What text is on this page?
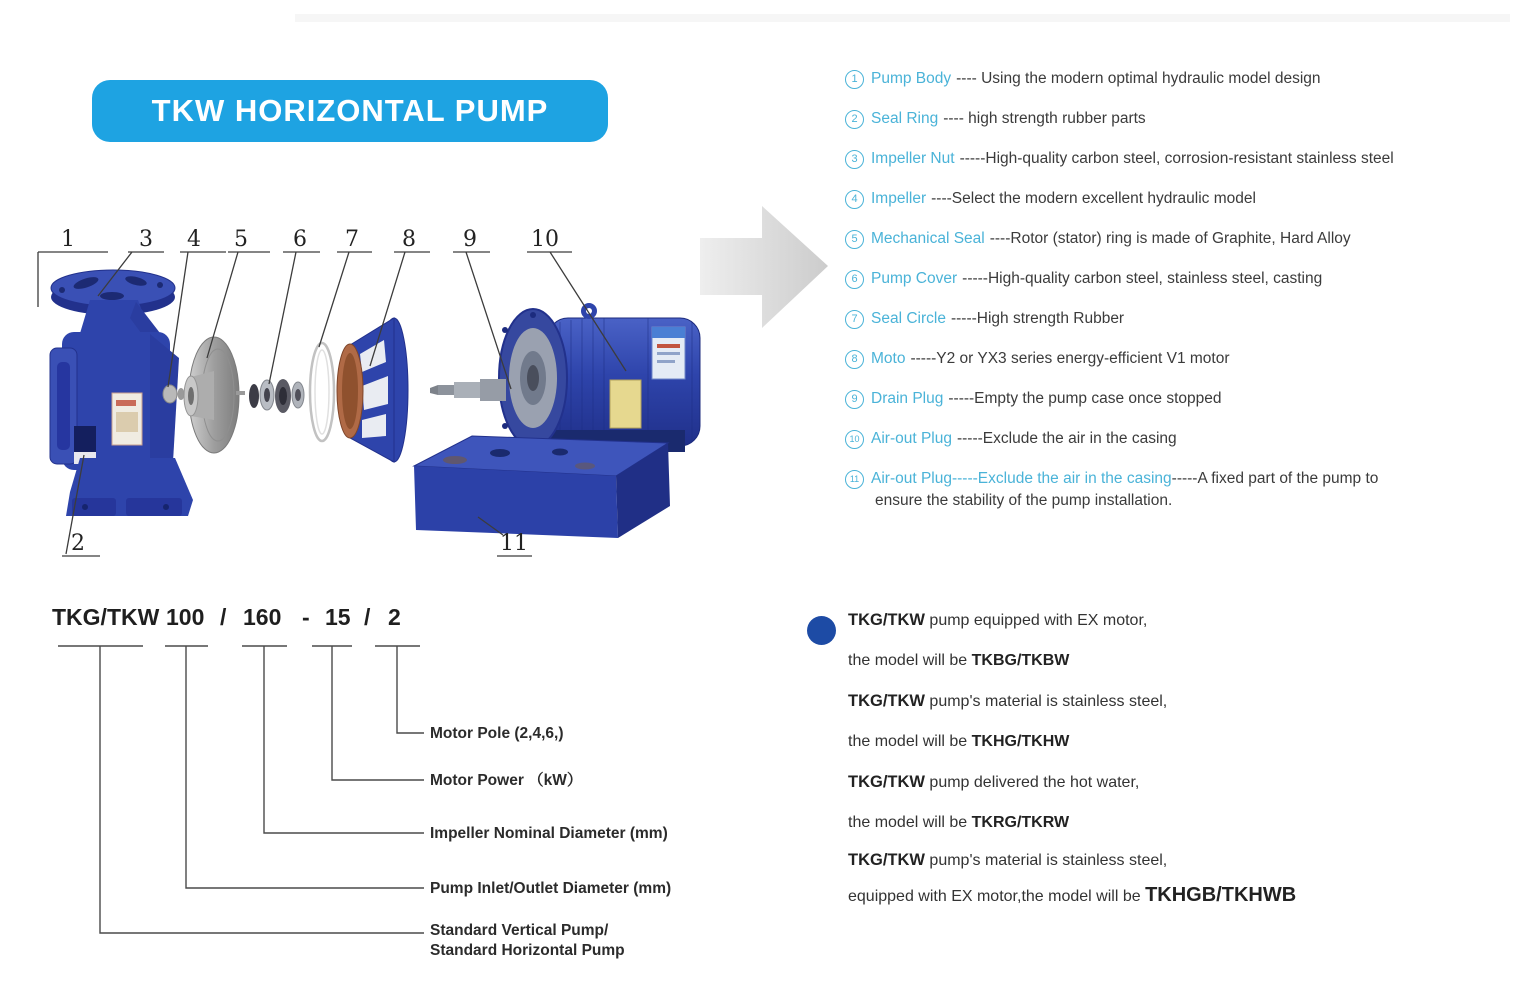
TKW HORIZONTAL PUMP
1	3 4 5 6 7 8 9 10
2	11
1 Pump Body ---- Using the modern optimal hydraulic model design
2 Seal Ring ---- high strength rubber parts
3 Impeller Nut -----High-quality carbon steel, corrosion-resistant stainless steel
4 Impeller ----Select the modern excellent hydraulic model
5 Mechanical Seal ----Rotor (stator) ring is made of Graphite, Hard Alloy
6 Pump Cover -----High-quality carbon steel, stainless steel, casting
7 Seal Circle -----High strength Rubber
8 Moto -----Y2 or YX3 series energy-efficient V1 motor
9 Drain Plug -----Empty the pump case once stopped
10 Air-out Plug -----Exclude the air in the casing
11 Air-out Plug-----Exclude the air in the casing-----A fixed part of the pump to
ensure the stability of the pump installation.
TKG/TKW 100 / 160 - 15 / 2
Motor Pole (2,4,6,)
Motor Power （kW）
Impeller Nominal Diameter (mm)
Pump Inlet/Outlet Diameter (mm)
Standard Vertical Pump/
Standard Horizontal Pump
TKG/TKW pump equipped with EX motor,
the model will be TKBG/TKBW
TKG/TKW pump's material is stainless steel,
the model will be TKHG/TKHW
TKG/TKW pump delivered the hot water,
the model will be TKRG/TKRW
TKG/TKW pump's material is stainless steel,
equipped with EX motor,the model will be TKHGB/TKHWB
